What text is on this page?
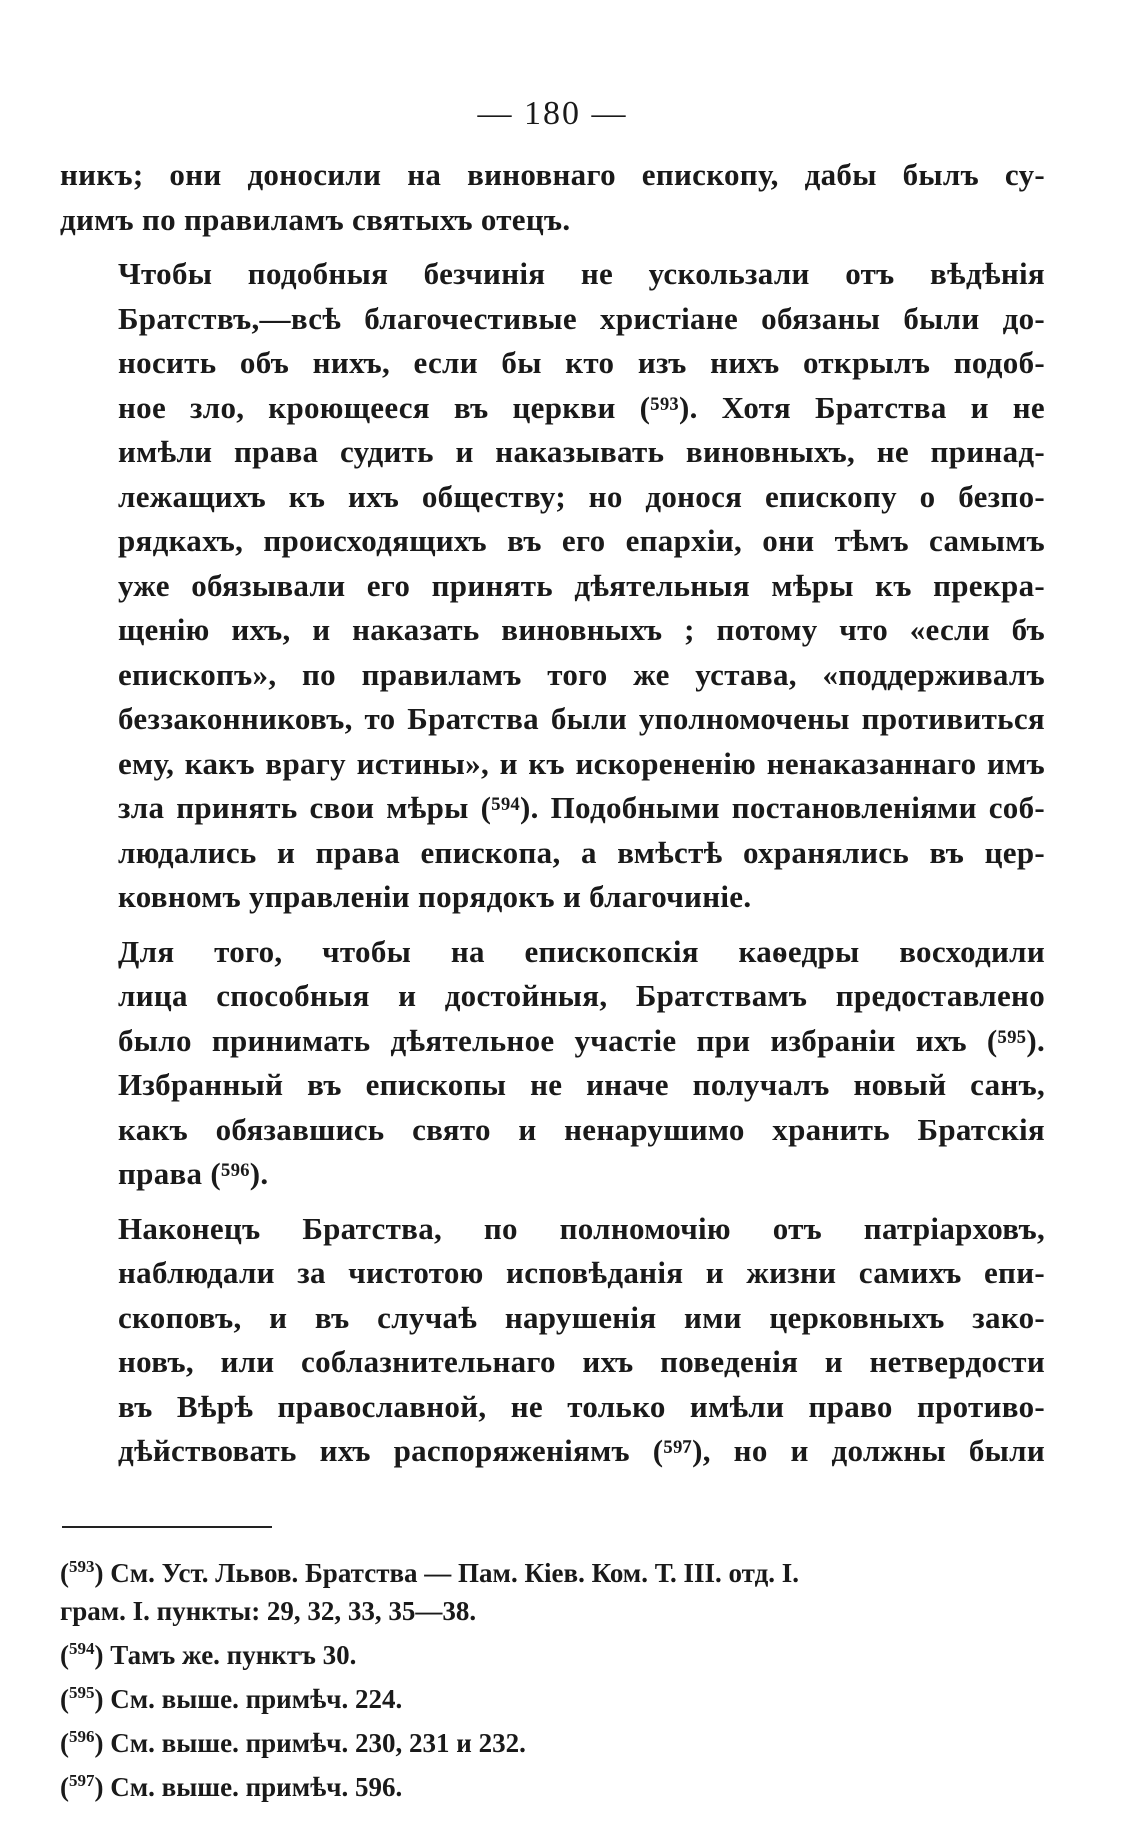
— 180 —

никъ; они доносили на виновнаго епископу, дабы былъ су-
димъ по правиламъ святыхъ отецъ.

Чтобы подобныя безчинія не ускользали отъ вѣдѣнія
Братствъ,—всѣ благочестивые христіане обязаны были до-
носить объ нихъ, если бы кто изъ нихъ открылъ подоб-
ное зло, кроющееся въ церкви (⁵⁹³). Хотя Братства и не
имѣли права судить и наказывать виновныхъ, не принад-
лежащихъ къ ихъ обществу; но донося епископу о безпо-
рядкахъ, происходящихъ въ его епархіи, они тѣмъ самымъ
уже обязывали его принять дѣятельныя мѣры къ прекра-
щенію ихъ, и наказать виновныхъ ; потому что «если бъ
епископъ», по правиламъ того же устава, «поддерживалъ
беззаконниковъ, то Братства были уполномочены противиться
ему, какъ врагу истины», и къ искорененію ненаказаннаго имъ
зла принять свои мѣры (⁵⁹⁴). Подобными постановленіями соб-
людались и права епископа, а вмѣстѣ охранялись въ цер-
ковномъ управленіи порядокъ и благочиніе.

Для того, чтобы на епископскія каѳедры восходили
лица способныя и достойныя, Братствамъ предоставлено
было принимать дѣятельное участіе при избраніи ихъ (⁵⁹⁵).
Избранный въ епископы не иначе получалъ новый санъ,
какъ обязавшись свято и ненарушимо хранить Братскія
права (⁵⁹⁶).

Наконецъ Братства, по полномочію отъ патріарховъ,
наблюдали за чистотою исповѣданія и жизни самихъ епи-
скоповъ, и въ случаѣ нарушенія ими церковныхъ зако-
новъ, или соблазнительнаго ихъ поведенія и нетвердости
въ Вѣрѣ православной, не только имѣли право противо-
дѣйствовать ихъ распоряженіямъ (⁵⁹⁷), но и должны были

($^{593}$) См. Уст. Львов. Братства — Пам. Кіев. Ком. Т. III. отд. I.
грам. I. пункты: 29, 32, 33, 35—38.
($^{594}$) Тамъ же. пунктъ 30.
($^{595}$) См. выше. примѣч. 224.
($^{596}$) См. выше. примѣч. 230, 231 и 232.
($^{597}$) См. выше. примѣч. 596.
